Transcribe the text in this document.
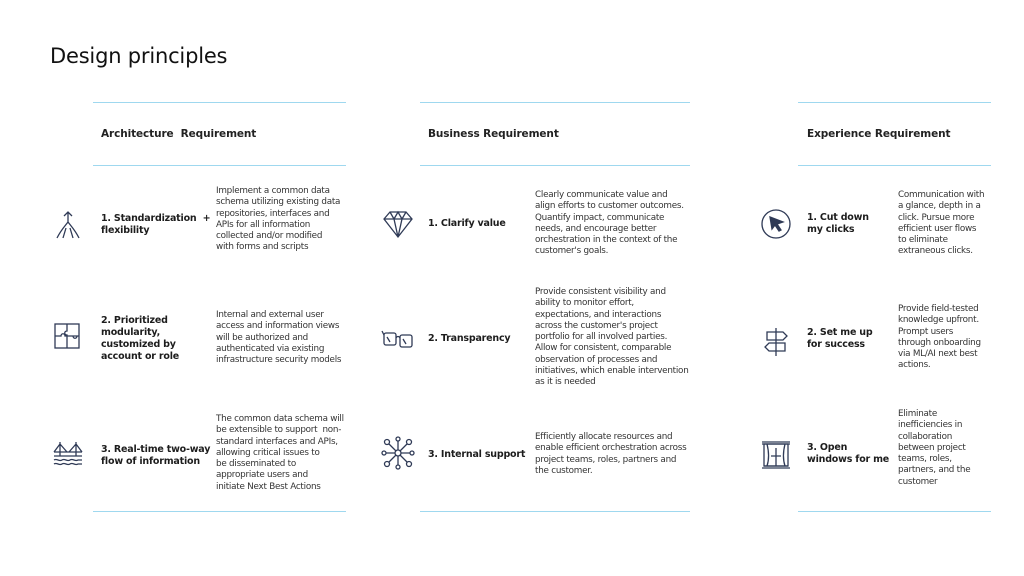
Design principles
Architecture  Requirement	Business Requirement	Experience Requirement
1. Standardization  +
flexibility
Implement a common data
schema utilizing existing data
repositories, interfaces and
APIs for all information
collected and/or modified
with forms and scripts
2. Prioritized
modularity,
customized by
account or role
Internal and external user
access and information views
will be authorized and
authenticated via existing
infrastructure security models
3. Real-time two-way
flow of information
The common data schema will
be extensible to support  non-
standard interfaces and APIs,
allowing critical issues to
be disseminated to
appropriate users and
initiate Next Best Actions
1. Clarify value
Clearly communicate value and
align efforts to customer outcomes.
Quantify impact, communicate
needs, and encourage better
orchestration in the context of the
customer's goals.
2. Transparency
Provide consistent visibility and
ability to monitor effort,
expectations, and interactions
across the customer's project
portfolio for all involved parties.
Allow for consistent, comparable
observation of processes and
initiatives, which enable intervention
as it is needed
3. Internal support
Efficiently allocate resources and
enable efficient orchestration across
project teams, roles, partners and
the customer.
1. Cut down
my clicks
Communication with
a glance, depth in a
click. Pursue more
efficient user flows
to eliminate
extraneous clicks.
2. Set me up
for success
Provide field-tested
knowledge upfront.
Prompt users
through onboarding
via ML/AI next best
actions.
3. Open
windows for me
Eliminate
inefficiencies in
collaboration
between project
teams, roles,
partners, and the
customer
